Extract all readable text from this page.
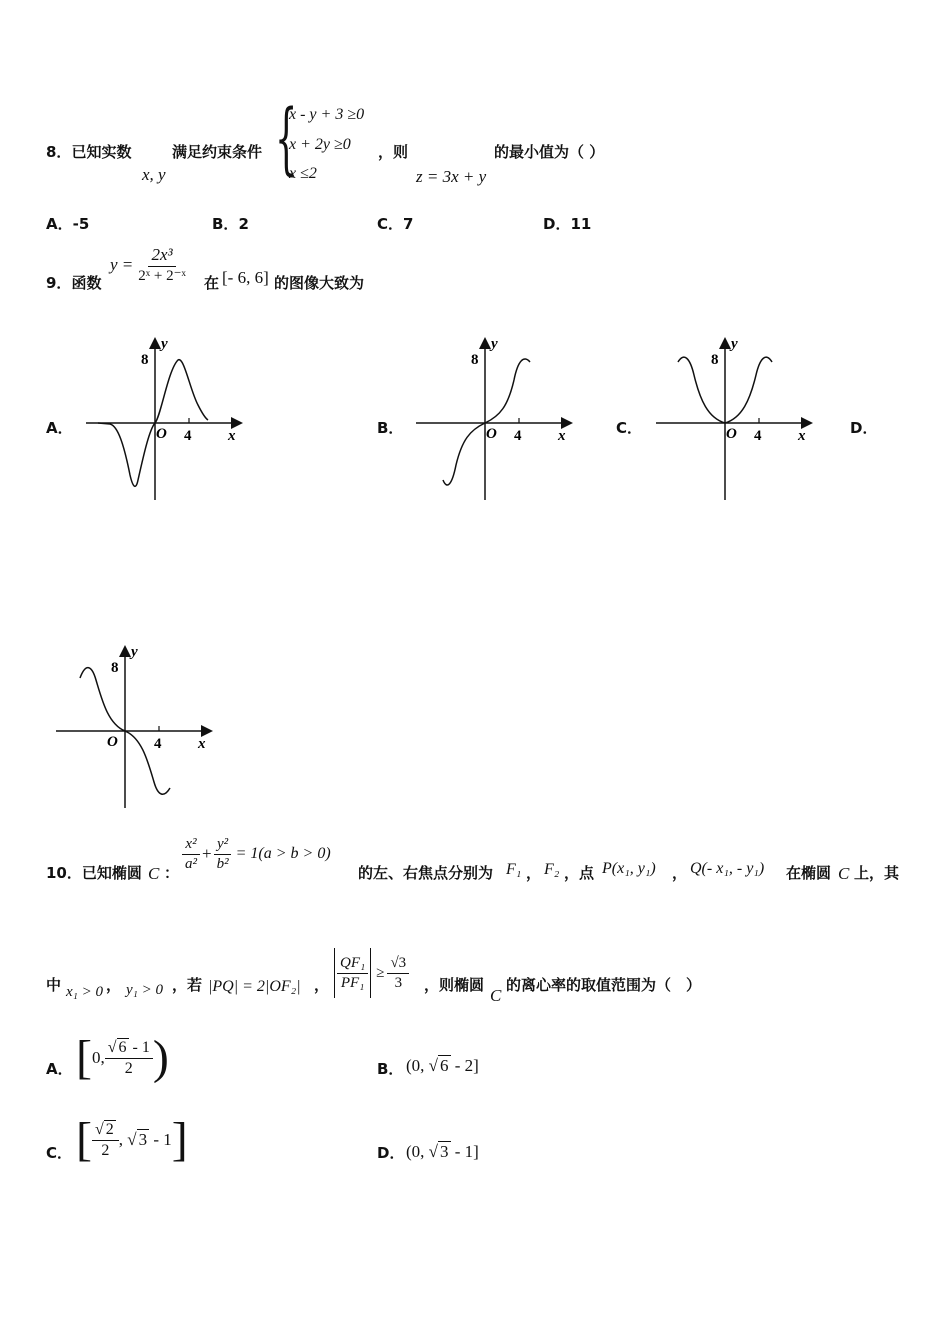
8．已知实数
x, y
满足约束条件 {
x - y + 3 ≥0
x + 2y ≥0
x ≤2
，则
z = 3x + y
的最小值为（ ）
A．-5	B．2	C．7	D．11
9．函数
$y = \frac{\text{2x³}}{\text{2ˣ + 2⁻ˣ}}$ 在 [- 6, 6] 的图像大致为
A．	B．	C．	D．
8
y
O 4 x
8
y
O 4 x
8
y
O 4 x
8
y
O 4 x
10．已知椭圆 C ：
$\frac{\text{x²}}{\text{a²}} + \frac{\text{y²}}{\text{b²}} = 1(a > b > 0)$
的左、右焦点分别为 F₁ ， F₂ ，点 P(x₁, y₁) ， Q(- x₁, - y₁) 在椭圆 C 上，其
中 x₁ > 0 ， y₁ > 0 ，若 |PQ| = 2|OF₂| ， $\frac{\text{QF₁}}{\text{PF₁}} \ge \frac{√3}{3}$ ，则椭圆
C
的离心率的取值范围为（　）
A． [ 0, $\frac{√ 6 - 1}{2}$ )	B． (0, √ 6 - 2]
C． [ $\frac{√ 2}{2}$ , √ 3 - 1 ]	D． (0, √ 3 - 1]
